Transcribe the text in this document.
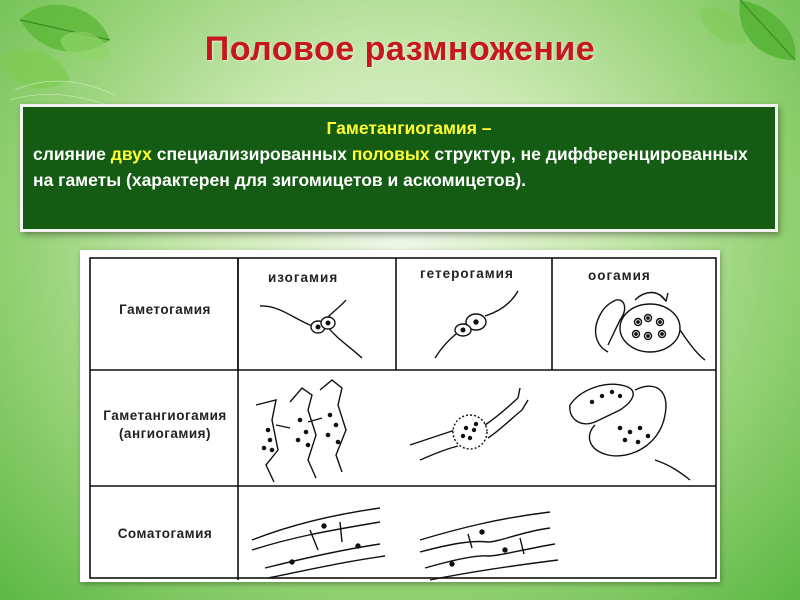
Половое размножение
Гаметангиогамия –
слияние двух специализированных половых структур, не дифференцированных на гаметы (характерен для зигомицетов и аскомицетов).
изогамия	гетерогамия	оогамия
Гаметогамия
Гаметангиогамия
(ангиогамия)
Соматогамия
